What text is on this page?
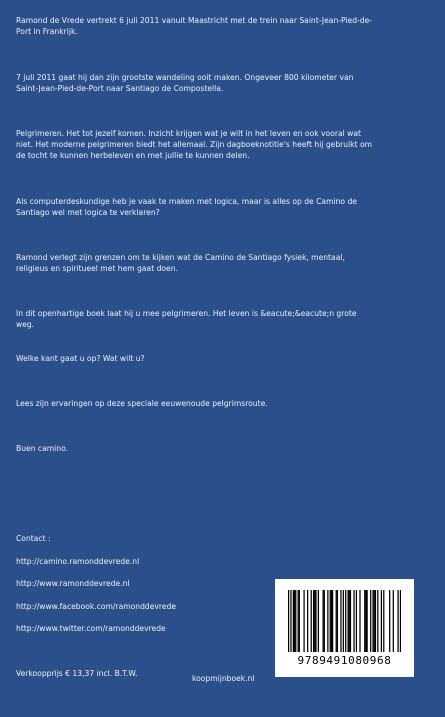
Ramond de Vrede vertrekt 6 juli 2011 vanuit Maastricht met de trein naar Saint-Jean-Pied-de-Port in Frankrijk.

7 juli 2011 gaat hij dan zijn grootste wandeling ooit maken. Ongeveer 800 kilometer van Saint-Jean-Pied-de-Port naar Santiago de Compostella.

Pelgrimeren. Het tot jezelf komen. Inzicht krijgen wat je wilt in het leven en ook vooral wat niet. Het moderne pelgrimeren biedt het allemaal. Zijn dagboeknotitie's heeft hij gebruikt om de tocht te kunnen herbeleven en met jullie te kunnen delen.

Als computerdeskundige heb je vaak te maken met logica, maar is alles op de Camino de Santiago wel met logica te verklaren?

Ramond verlegt zijn grenzen om te kijken wat de Camino de Santiago fysiek, mentaal, religieus en spiritueel met hem gaat doen.

In dit openhartige boek laat hij u mee pelgrimeren. Het leven is &eacute;&eacute;n grote weg.

Welke kant gaat u op? Wat wilt u?

Lees zijn ervaringen op deze speciale eeuwenoude pelgrimsroute.

Buen camino.

Contact :

http://camino.ramonddevrede.nl

http://www.ramonddevrede.nl

http://www.facebook.com/ramonddevrede

http://www.twitter.com/ramonddevrede

Verkoopprijs € 13,37 incl. B.T.W.

koopmijnboek.nl
9789491080968
